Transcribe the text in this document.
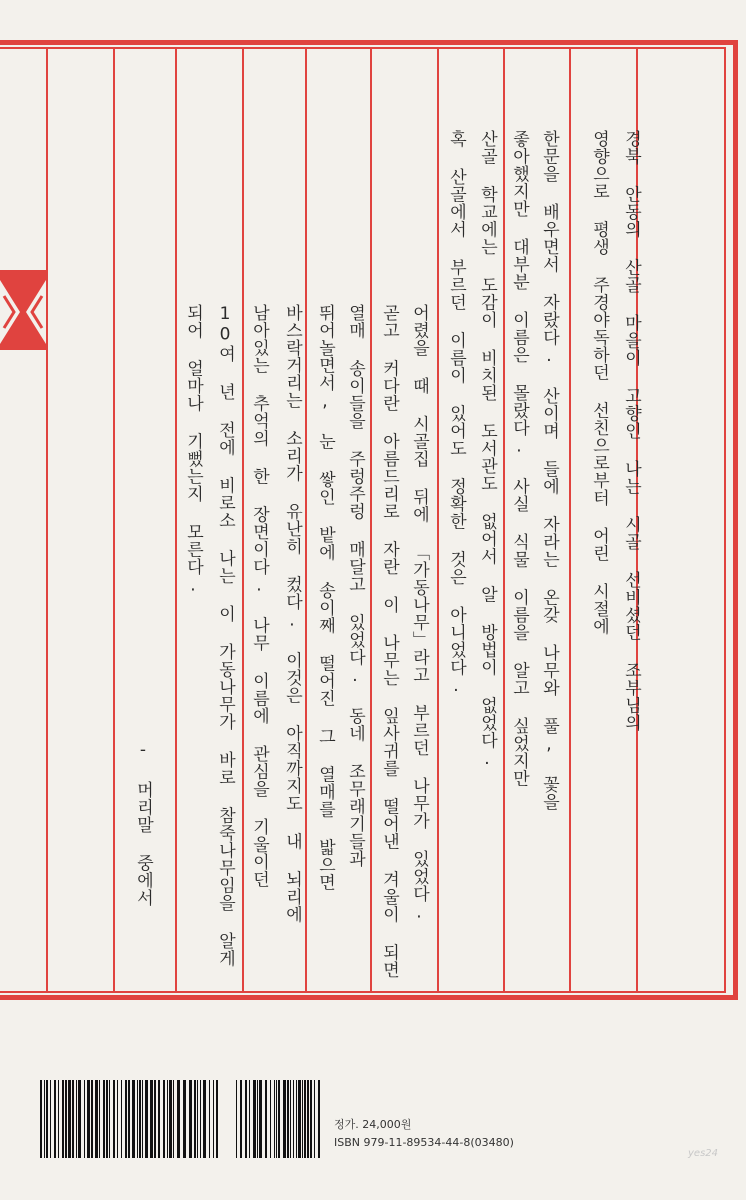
경북 안동의 산골 마을이 고향인 나는 시골 선비셨던 조부님의
영향으로 평생 주경야독하던 선친으로부터 어린 시절에
한문을 배우면서 자랐다. 산이며 들에 자라는 온갖 나무와 풀, 꽃을
좋아했지만 대부분 이름은 몰랐다. 사실 식물 이름을 알고 싶었지만
산골 학교에는 도감이 비치된 도서관도 없어서 알 방법이 없었다.
혹 산골에서 부르던 이름이 있어도 정확한 것은 아니었다.
어렸을 때 시골집 뒤에 「가동나무」라고 부르던 나무가 있었다.
곧고 커다란 아름드리로 자란 이 나무는 잎사귀를 떨어낸 겨울이 되면
열매 송이들을 주렁주렁 매달고 있었다. 동네 조무래기들과
뛰어놀면서, 눈 쌓인 밭에 송이째 떨어진 그 열매를 밟으면
바스락거리는 소리가 유난히 컸다. 이것은 아직까지도 내 뇌리에
남아있는 추억의 한 장면이다. 나무 이름에 관심을 기울이던
10여 년 전에 비로소 나는 이 가동나무가 바로 참죽나무임을 알게
되어 얼마나 기뻤는지 모른다.
- 머리말 중에서
정가. 24,000원
ISBN 979-11-89534-44-8(03480)
yes24
